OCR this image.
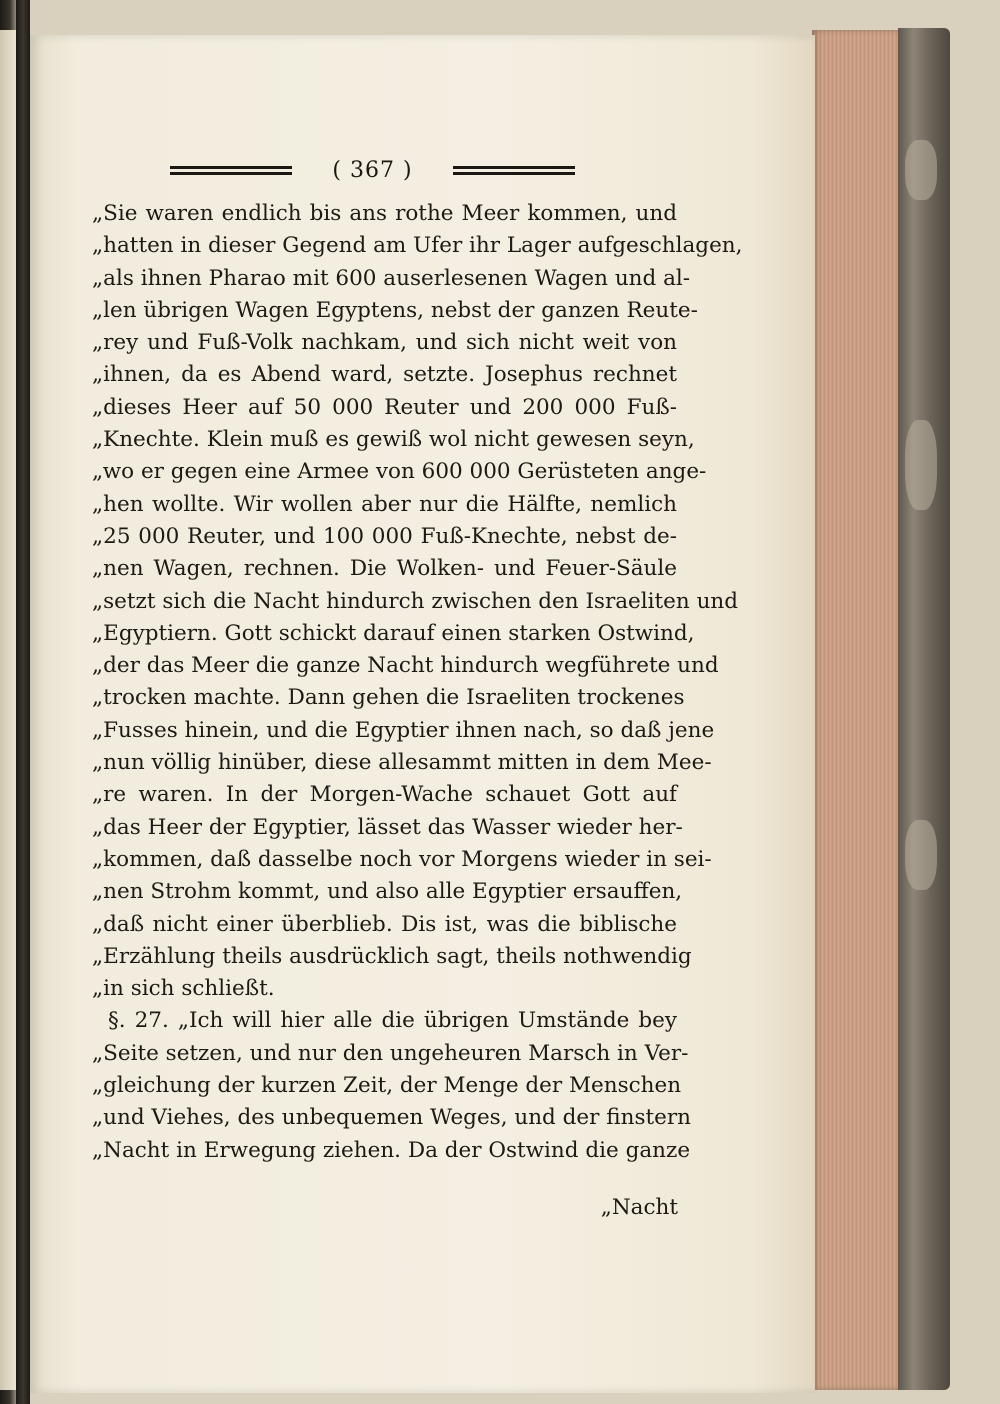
( 367 )
„Sie waren endlich bis ans rothe Meer kommen, und
„hatten in dieser Gegend am Ufer ihr Lager aufgeschlagen,
„als ihnen Pharao mit 600 auserlesenen Wagen und al-
„len übrigen Wagen Egyptens, nebst der ganzen Reute-
„rey und Fuß-Volk nachkam, und sich nicht weit von
„ihnen, da es Abend ward, setzte. Josephus rechnet
„dieses Heer auf 50 000 Reuter und 200 000 Fuß-
„Knechte. Klein muß es gewiß wol nicht gewesen seyn,
„wo er gegen eine Armee von 600 000 Gerüsteten ange-
„hen wollte. Wir wollen aber nur die Hälfte, nemlich
„25 000 Reuter, und 100 000 Fuß-Knechte, nebst de-
„nen Wagen, rechnen. Die Wolken- und Feuer-Säule
„setzt sich die Nacht hindurch zwischen den Israeliten und
„Egyptiern. Gott schickt darauf einen starken Ostwind,
„der das Meer die ganze Nacht hindurch wegführete und
„trocken machte. Dann gehen die Israeliten trockenes
„Fusses hinein, und die Egyptier ihnen nach, so daß jene
„nun völlig hinüber, diese allesammt mitten in dem Mee-
„re waren. In der Morgen-Wache schauet Gott auf
„das Heer der Egyptier, lässet das Wasser wieder her-
„kommen, daß dasselbe noch vor Morgens wieder in sei-
„nen Strohm kommt, und also alle Egyptier ersauffen,
„daß nicht einer überblieb. Dis ist, was die biblische
„Erzählung theils ausdrücklich sagt, theils nothwendig
„in sich schließt.
§. 27. „Ich will hier alle die übrigen Umstände bey
„Seite setzen, und nur den ungeheuren Marsch in Ver-
„gleichung der kurzen Zeit, der Menge der Menschen
„und Viehes, des unbequemen Weges, und der finstern
„Nacht in Erwegung ziehen. Da der Ostwind die ganze
„Nacht
